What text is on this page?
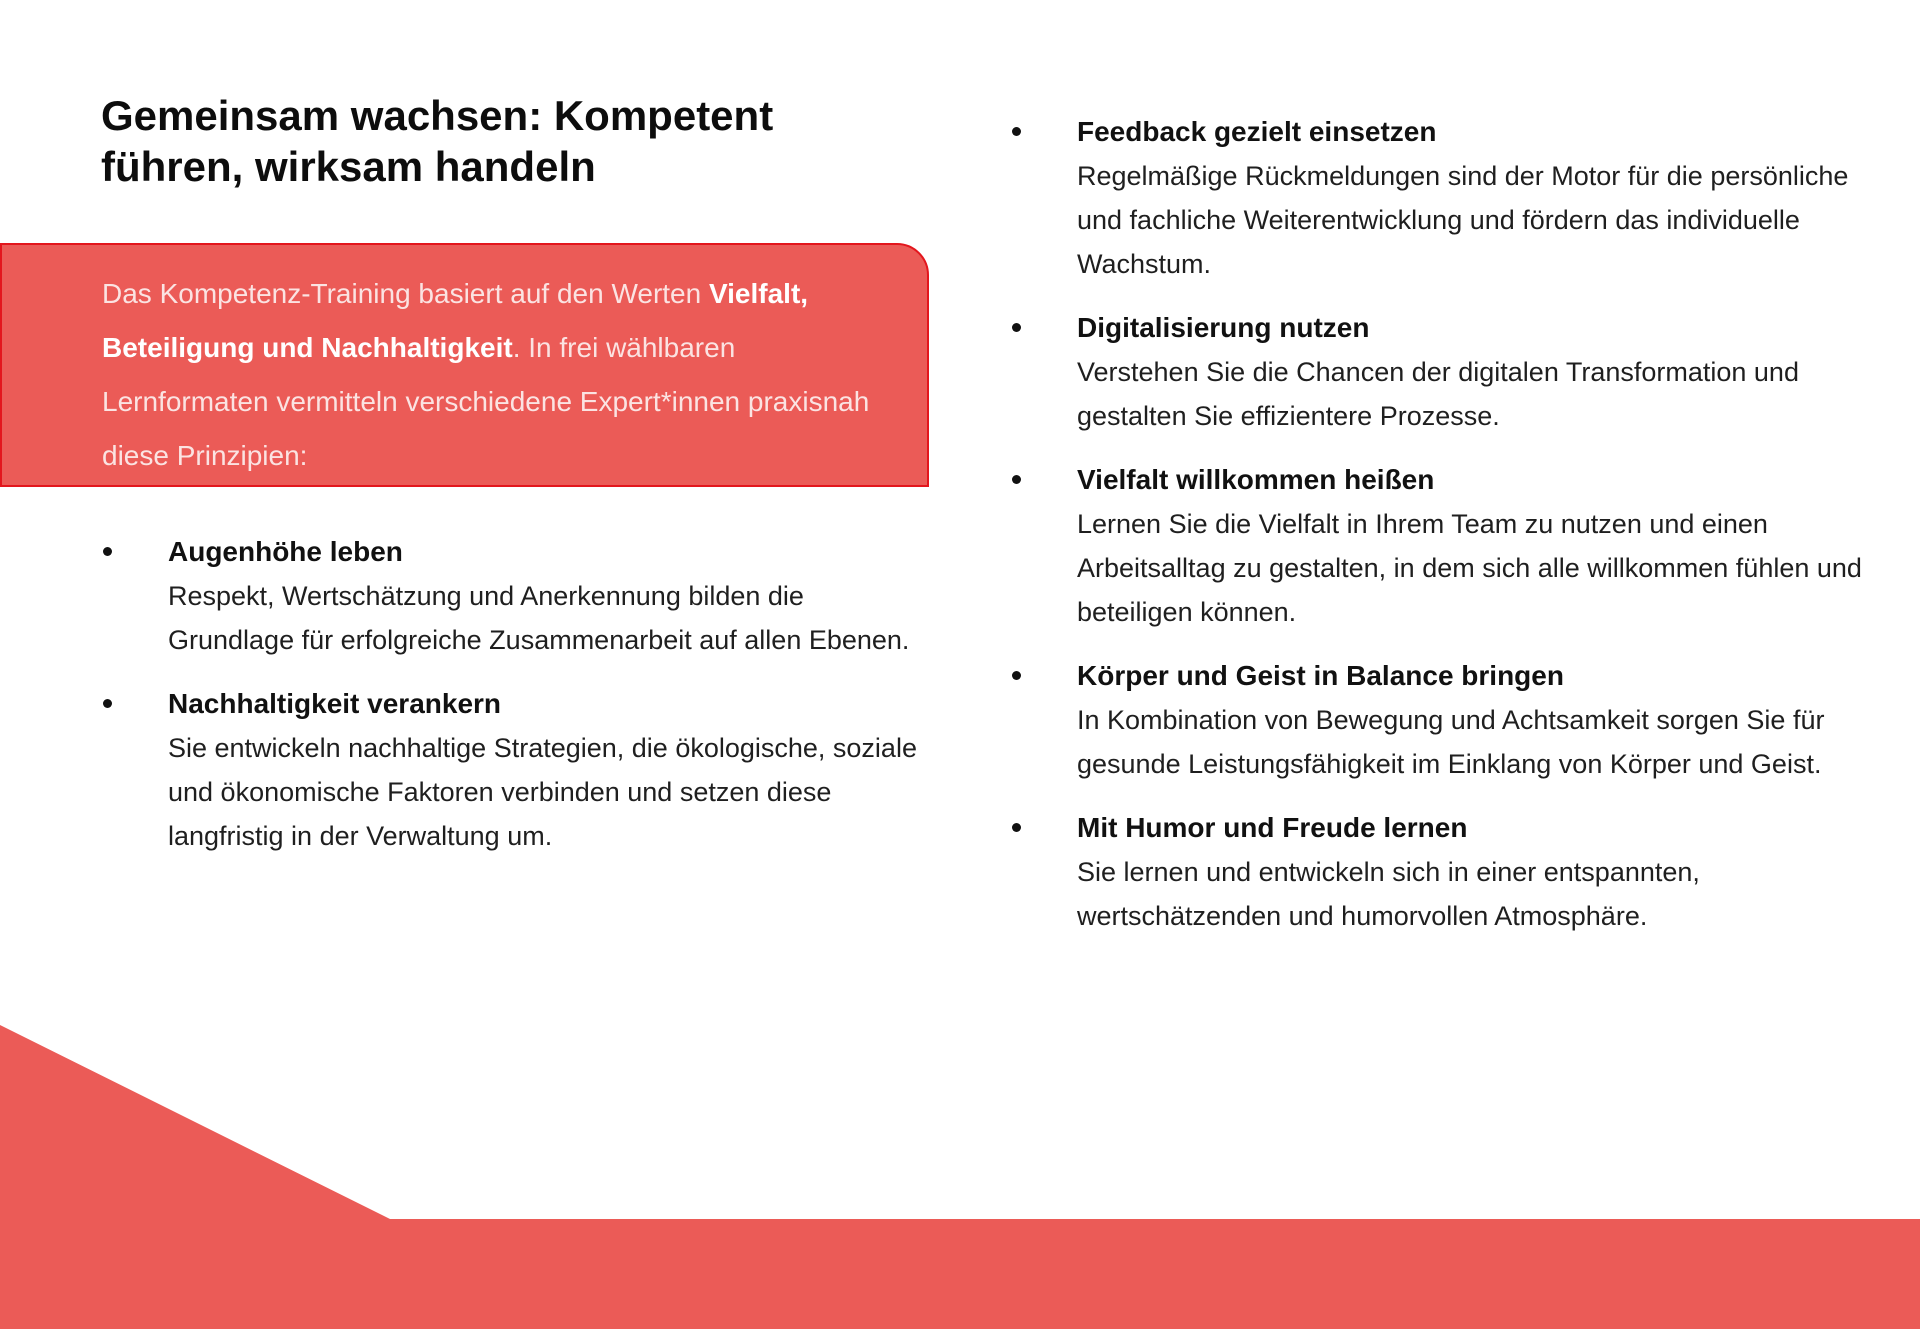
Gemeinsam wachsen: Kompetent führen, wirksam handeln

Das Kompetenz-Training basiert auf den Werten Vielfalt, Beteiligung und Nachhaltigkeit. In frei wählbaren Lernformaten vermitteln verschiedene Expert*innen praxisnah diese Prinzipien:

Augenhöhe leben
Respekt, Wertschätzung und Anerkennung bilden die Grundlage für erfolgreiche Zusammenarbeit auf allen Ebenen.
Nachhaltigkeit verankern
Sie entwickeln nachhaltige Strategien, die ökologische, soziale und ökonomische Faktoren verbinden und setzen diese langfristig in der Verwaltung um.
Feedback gezielt einsetzen
Regelmäßige Rückmeldungen sind der Motor für die persönliche und fachliche Weiterentwicklung und fördern das individuelle Wachstum.
Digitalisierung nutzen
Verstehen Sie die Chancen der digitalen Transformation und gestalten Sie effizientere Prozesse.
Vielfalt willkommen heißen
Lernen Sie die Vielfalt in Ihrem Team zu nutzen und einen Arbeitsalltag zu gestalten, in dem sich alle willkommen fühlen und beteiligen können.
Körper und Geist in Balance bringen
In Kombination von Bewegung und Achtsamkeit sorgen Sie für gesunde Leistungsfähigkeit im Einklang von Körper und Geist.
Mit Humor und Freude lernen
Sie lernen und entwickeln sich in einer entspannten, wertschätzenden und humorvollen Atmosphäre.
